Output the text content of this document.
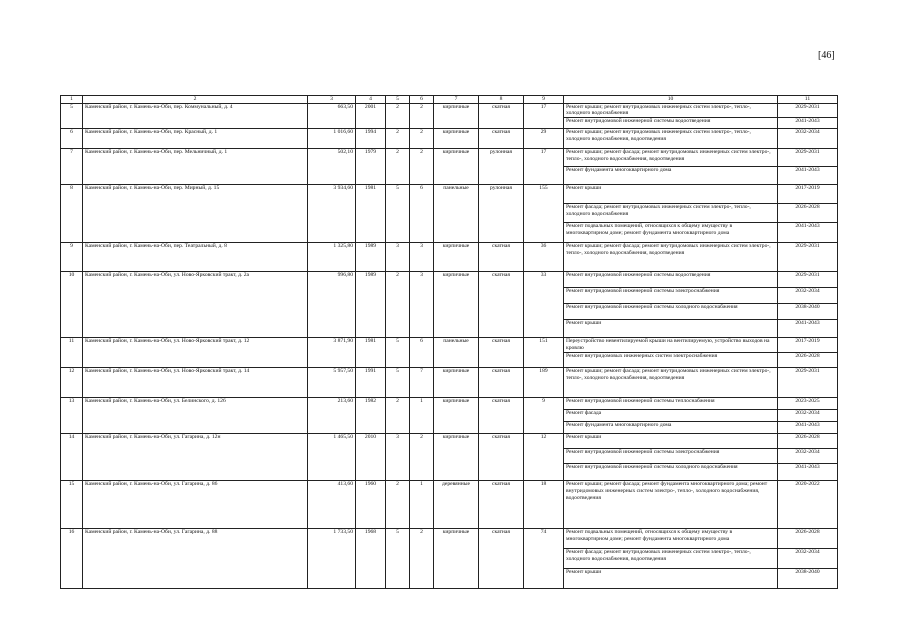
[46]
1	2	3	4	5	6	7	8	9	10	11
5	Каменский район, г. Камень-на-Оби, пер. Коммунальный, д. 4	663,50	2001	2	2	кирпичные	скатная	17	Ремонт крыши; ремонт внутридомовых инженерных систем электро-, тепло-, холодного водоснабжения	2029-2031
									Ремонт внутридомовой инженерной системы водоотведения	2041-2043
6	Каменский район, г. Камень-на-Оби, пер. Красный, д. 1	1 016,60	1994	2	2	кирпичные	скатная	29	Ремонт крыши; ремонт внутридомовых инженерных систем электро-, тепло-, холодного водоснабжения, водоотведения	2032-2034
7	Каменский район, г. Камень-на-Оби, пер. Мельничный, д. 1	502,10	1979	2	2	кирпичные	рулонная	17	Ремонт крыши; ремонт фасада; ремонт внутридомовых инженерных систем электро-, тепло-, холодного водоснабжения, водоотведения	2029-2031
									Ремонт фундамента многоквартирного дома	2041-2043
8	Каменский район, г. Камень-на-Оби, пер. Мирный, д. 15	3 934,60	1981	5	6	панельные	рулонная	155	Ремонт крыши	2017-2019
									Ремонт фасада; ремонт внутридомовых инженерных систем электро-, тепло-, холодного водоснабжения	2026-2028
									Ремонт подвальных помещений, относящихся к общему имуществу в многоквартирном доме; ремонт фундамента многоквартирного дома	2041-2043
9	Каменский район, г. Камень-на-Оби, пер. Театральный, д. 8	1 325,80	1989	3	3	кирпичные	скатная	36	Ремонт крыши; ремонт фасада; ремонт внутридомовых инженерных систем электро-, тепло-, холодного водоснабжения, водоотведения	2029-2031
10	Каменский район, г. Камень-на-Оби, ул. Ново-Ярковский тракт, д. 2а	996,80	1989	2	3	кирпичные	скатная	33	Ремонт внутридомовой инженерной системы водоотведения	2029-2031
									Ремонт внутридомовой инженерной системы электроснабжения	2032-2034
									Ремонт внутридомовой инженерной системы холодного водоснабжения	2038-2040
									Ремонт крыши	2041-2043
11	Каменский район, г. Камень-на-Оби, ул. Ново-Ярковский тракт, д. 12	3 871,90	1981	5	6	панельные	скатная	151	Переустройство невентилируемой крыши на вентилируемую, устройство выходов на кровлю	2017-2019
									Ремонт внутридомовых инженерных систем электроснабжения	2026-2028
12	Каменский район, г. Камень-на-Оби, ул. Ново-Ярковский тракт, д. 14	5 957,50	1991	5	7	кирпичные	скатная	189	Ремонт крыши; ремонт фасада; ремонт внутридомовых инженерных систем электро-, тепло-, холодного водоснабжения, водоотведения	2029-2031
13	Каменский район, г. Камень-на-Оби, ул. Белинского, д. 126	213,60	1982	2	1	кирпичные	скатная	9	Ремонт внутридомовой инженерной системы теплоснабжения	2023-2025
									Ремонт фасада	2032-2034
									Ремонт фундамента многоквартирного дома	2041-2043
14	Каменский район, г. Камень-на-Оби, ул. Гагарина, д. 12н	1 465,50	2010	3	2	кирпичные	скатная	12	Ремонт крыши	2026-2028
									Ремонт внутридомовой инженерной системы электроснабжения	2032-2034
									Ремонт внутридомовой инженерной системы холодного водоснабжения	2041-2043
15	Каменский район, г. Камень-на-Оби, ул. Гагарина, д. 86	413,60	1960	2	1	деревянные	скатная	18	Ремонт крыши; ремонт фасада; ремонт фундамента многоквартирного дома; ремонт внутридомовых инженерных систем электро-, тепло-, холодного водоснабжения, водоотведения	2020-2022
16	Каменский район, г. Камень-на-Оби, ул. Гагарина, д. 88	1 733,50	1968	5	2	кирпичные	скатная	74	Ремонт подвальных помещений, относящихся к общему имуществу в многоквартирном доме; ремонт фундамента многоквартирного дома	2026-2028
									Ремонт фасада; ремонт внутридомовых инженерных систем электро-, тепло-, холодного водоснабжения, водоотведения	2032-2034
									Ремонт крыши	2038-2040
